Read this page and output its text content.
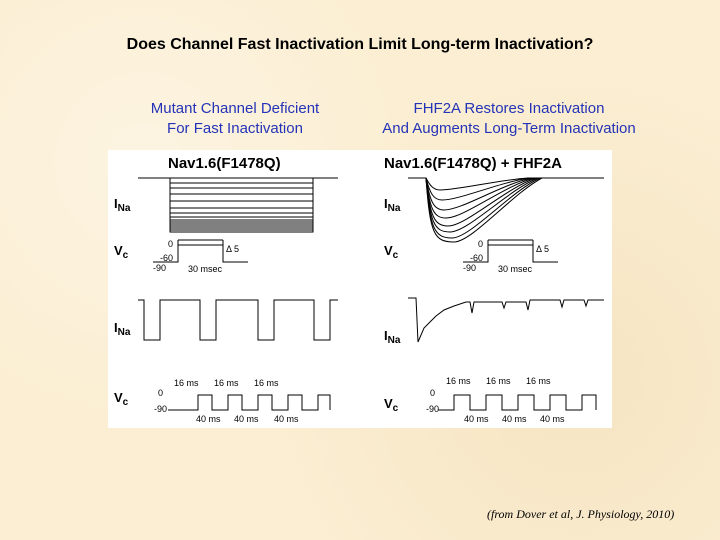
Does Channel Fast Inactivation Limit Long-term Inactivation?
Mutant Channel Deficient
For Fast Inactivation
FHF2A Restores Inactivation
And Augments Long-Term Inactivation
Nav1.6(F1478Q)
$I_{Na}$
$V_c$
0
-60
-90
Δ 5
30 msec
$I_{Na}$
$V_c$
0
-90
16 ms 16 ms 16 ms
40 ms 40 ms 40 ms
Nav1.6(F1478Q) + FHF2A
$I_{Na}$
$V_c$
0
-60
-90
Δ 5
30 msec
$I_{Na}$
$V_c$
0
-90
16 ms 16 ms 16 ms
40 ms 40 ms 40 ms
(from Dover et al, J. Physiology, 2010)
